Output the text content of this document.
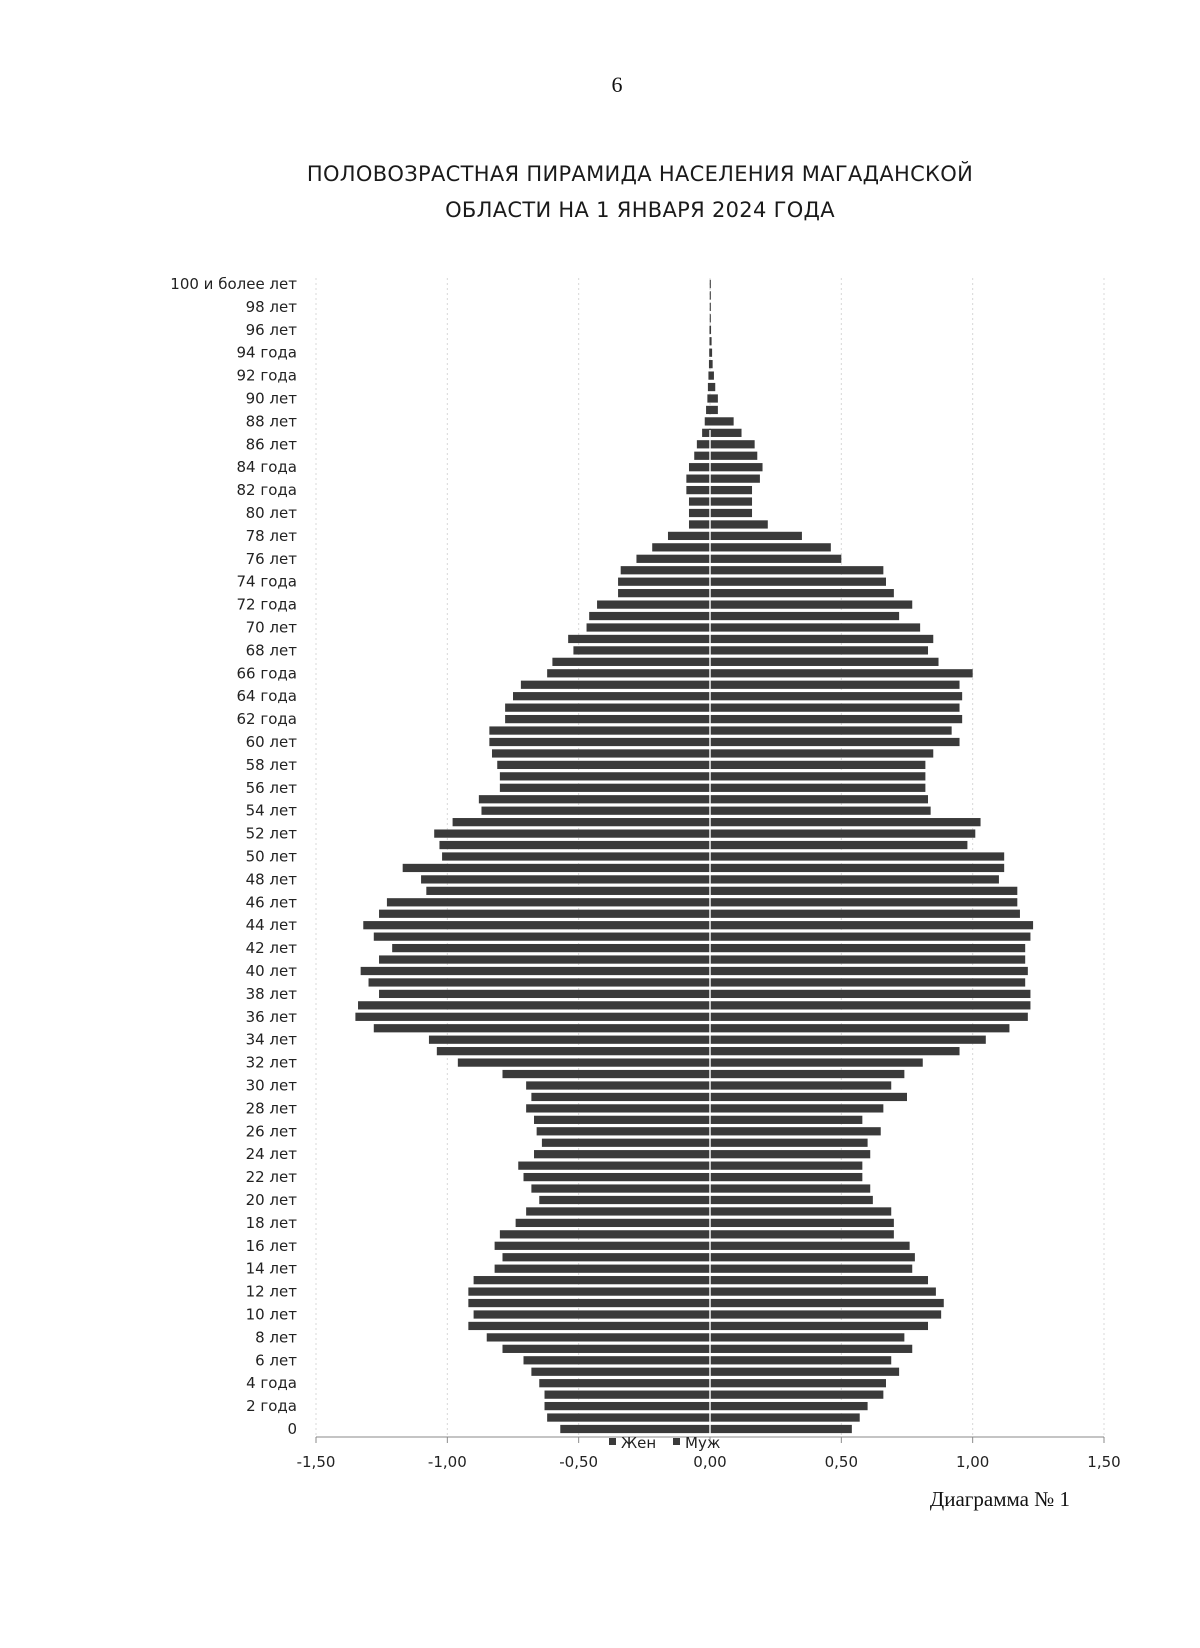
6
ПОЛОВОЗРАСТНАЯ ПИРАМИДА НАСЕЛЕНИЯ МАГАДАНСКОЙ
ОБЛАСТИ НА 1 ЯНВАРЯ 2024 ГОДА
-1,50	-1,00	-0,50	0,00	0,50	1,00	1,50
100 и более лет
98 лет
96 лет
94 года
92 года
90 лет
88 лет
86 лет
84 года
82 года
80 лет
78 лет
76 лет
74 года
72 года
70 лет
68 лет
66 года
64 года
62 года
60 лет
58 лет
56 лет
54 лет
52 лет
50 лет
48 лет
46 лет
44 лет
42 лет
40 лет
38 лет
36 лет
34 лет
32 лет
30 лет
28 лет
26 лет
24 лет
22 лет
20 лет
18 лет
16 лет
14 лет
12 лет
10 лет
8 лет
6 лет
4 года
2 года
0
Жен Муж
Диаграмма № 1
